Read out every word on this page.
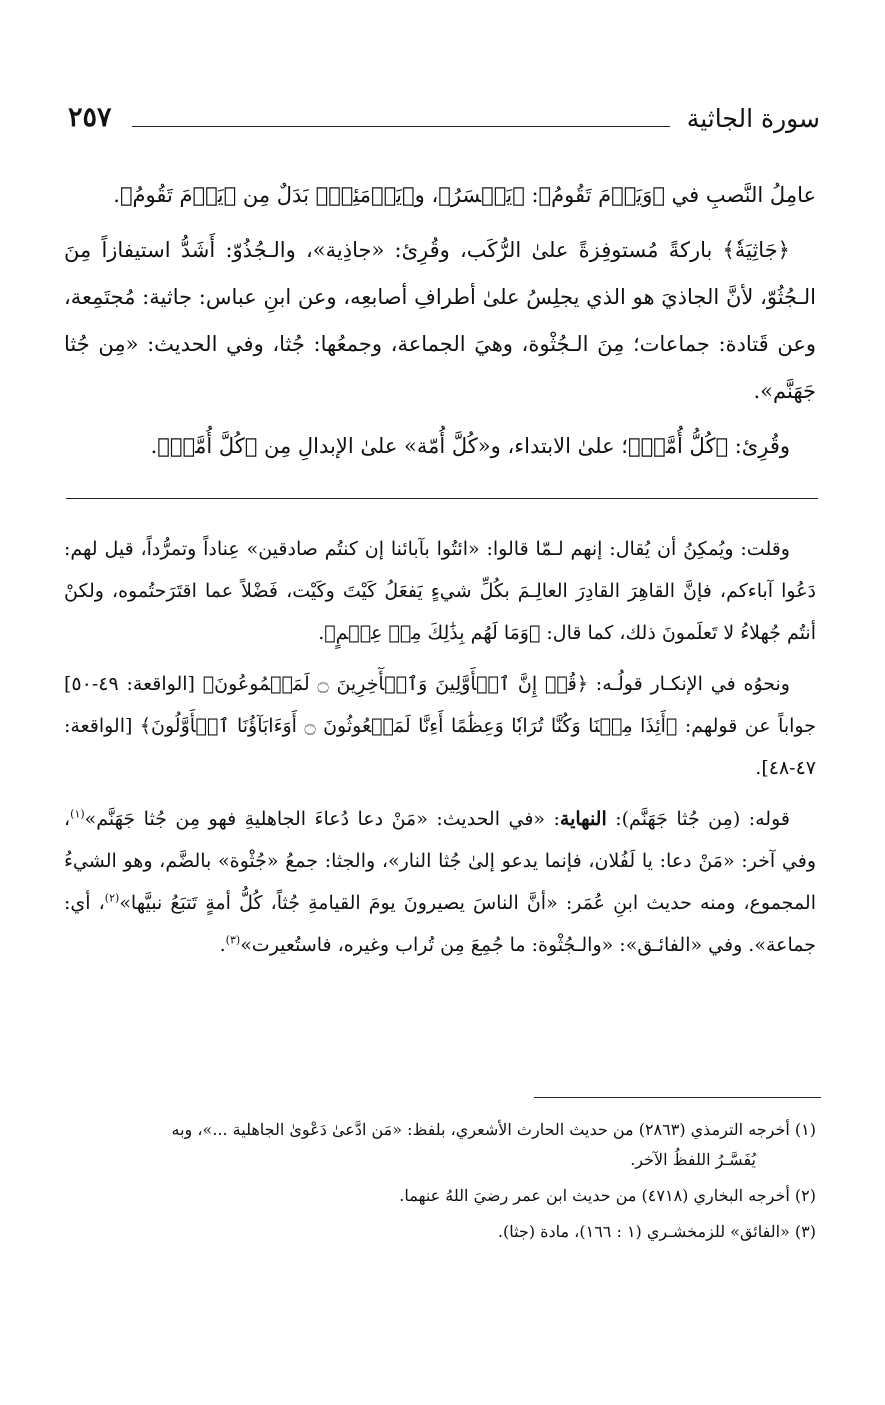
٢٥٧	سورة الجاثية

عامِلُ النَّصبِ في ﴿وَيَوۡمَ تَقُومُ﴾: ﴿يَخۡسَرُ﴾، و﴿يَوۡمَئِذٖ﴾ بَدَلٌ مِن ﴿يَوۡمَ تَقُومُ﴾.

﴿جَاثِيَةٗ﴾ باركةً مُستوفِزةً علىٰ الرُّكَب، وقُرِئ: «جاذِية»، والـجُذُوّ: أَشَدُّ استيفازاً مِنَ الـجُثُوّ، لأنَّ الجاذيَ هو الذي يجلِسُ علىٰ أطرافِ أصابعِه، وعن ابنِ عباس: جاثية: مُجتَمِعة، وعن قَتادة: جماعات؛ مِنَ الـجُثْوة، وهيَ الجماعة، وجمعُها: جُثا، وفي الحديث: «مِن جُثا جَهَنَّم».

وقُرِئ: ﴿كُلُّ أُمَّةٖ﴾؛ علىٰ الابتداء، و«كُلَّ أُمّة» علىٰ الإبدالِ مِن ﴿كُلَّ أُمَّةٖ﴾.

وقلت: ويُمكِنُ أن يُقال: إنهم لـمّا قالوا: «ائتُوا بآبائنا إن كنتُم صادقين» عِناداً وتمرُّداً، قيل لهم: دَعُوا آباءكم، فإنَّ القاهِرَ القادِرَ العالِـمَ بكُلِّ شيءٍ يَفعَلُ كَيْتَ وكَيْت، فَضْلاً عما اقتَرَحتُموه، ولكنْ أنتُم جُهلاءُ لا تَعلَمونَ ذلك، كما قال: ﴿وَمَا لَهُم بِذَٰلِكَ مِنۡ عِلۡمٍ﴾.

ونحوُه في الإنكـار قولُـه: ﴿قُلۡ إِنَّ ٱلۡأَوَّلِينَ وَٱلۡأٓخِرِينَ ۝ لَمَجۡمُوعُونَ﴾ [الواقعة: ٤٩-٥٠] جواباً عن قولهم: ﴿أَئِذَا مِتۡنَا وَكُنَّا تُرَابٗا وَعِظَٰمًا أَءِنَّا لَمَبۡعُوثُونَ ۝ أَوَءَابَآؤُنَا ٱلۡأَوَّلُونَ﴾ [الواقعة: ٤٧-٤٨].

قوله: (مِن جُثا جَهَنَّم): النهاية: «في الحديث: «مَنْ دعا دُعاءَ الجاهليةِ فهو مِن جُثا جَهَنَّم»$^{(١)}$، وفي آخر: «مَنْ دعا: يا لَفُلان، فإنما يدعو إلىٰ جُثا النار»، والجثا: جمعُ «جُثْوة» بالضَّم، وهو الشيءُ المجموع، ومنه حديث ابنِ عُمَر: «أنَّ الناسَ يصيرونَ يومَ القيامةِ جُثاً، كُلُّ أمةٍ تَتبَعُ نبيَّها»$^{(٢)}$، أي: جماعة». وفي «الفائـق»: «والـجُثْوة: ما جُمِعَ مِن تُراب وغيره، فاستُعيرت»$^{(٣)}$.

(١) أخرجه الترمذي (٢٨٦٣) من حديث الحارث الأشعري، بلفظ: «مَن ادَّعىٰ دَعْوىٰ الجاهلية ...»، وبه
يُفَسَّـرُ اللفظُ الآخر.

(٢) أخرجه البخاري (٤٧١٨) من حديث ابن عمر رضيَ اللهُ عنهما.

(٣) «الفائق» للزمخشـري (١ : ١٦٦)، مادة (جثا).
